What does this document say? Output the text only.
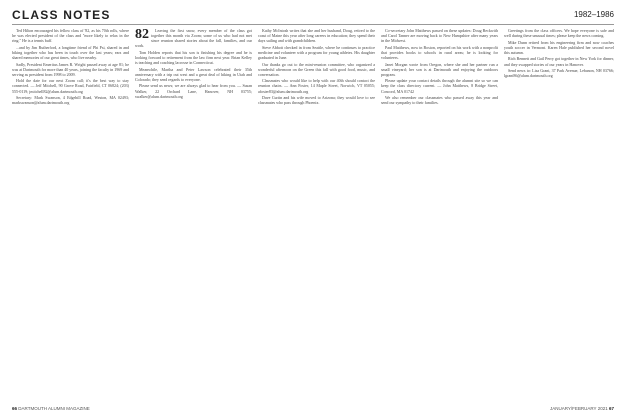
CLASS NOTES	1982–1986

Ted Hilton encouraged his fellow class of '82, as his 70th rolls, where he was elected president of the class and "more likely to relax in the ring." He is a tennis buff.

...and by Jim Rutherford, a longtime friend of Phi Psi, shared in and biking together who has been in touch over the last years; ears and shared memories of our great times, who live nearby.

Sadly, President Emeritus James R. Wright passed away at age 81; he was at Dartmouth for more than 40 years, joining the faculty in 1969 and serving as president from 1998 to 2009.

Hold the date for our next Zoom call; it's the best way to stay connected. — Jeff Mitchell, 90 Grove Road, Fairfield, CT 06824; (203) 555-0119; jmitchell82@alum.dartmouth.org

Secretary: Mark Swanson, 4 Edgehill Road, Weston, MA 02493; markswanson@alum.dartmouth.org

82	Leaving the first snow, every member of the class got together this month via Zoom; some of us who had not met since reunion shared stories about the fall, families, and our work.

Tom Holden reports that his son is finishing his degree and he is looking forward to retirement from the law firm next year. Brian Kelley is teaching and coaching lacrosse in Connecticut.

Meanwhile, Martha and Peter Lawson celebrated their 35th anniversary with a trip out west and a great deal of hiking in Utah and Colorado; they send regards to everyone.

Please send us news; we are always glad to hear from you. — Susan Walker, 22 Orchard Lane, Hanover, NH 03755; swalker@alum.dartmouth.org

Kathy McIntosh writes that she and her husband, Doug, retired to the coast of Maine this year after long careers in education; they spend their days sailing and with grandchildren.

Steve Abbott checked in from Seattle, where he continues to practice medicine and volunteer with a program for young athletes. His daughter graduated in June.

Our thanks go out to the mini-reunion committee, who organized a wonderful afternoon on the Green this fall with good food, music, and conversation.

Classmates who would like to help with our 40th should contact the reunion chairs. — Ann Foster, 14 Maple Street, Norwich, VT 05055; afoster83@alum.dartmouth.org

Dave Curtin and his wife moved to Arizona; they would love to see classmates who pass through Phoenix.

Co-secretary John Matthews passed on these updates: Doug Beckwith and Carol Tanner are moving back to New Hampshire after many years in the Midwest.

Paul Matthews, now in Boston, reported on his work with a nonprofit that provides books to schools in rural areas; he is looking for volunteers.

Janet Morgan wrote from Oregon, where she and her partner run a small vineyard; her son is at Dartmouth and enjoying the outdoors program.

Please update your contact details through the alumni site so we can keep the class directory current. — John Matthews, 8 Bridge Street, Concord, MA 01742

We also remember our classmates who passed away this year and send our sympathy to their families.

Greetings from the class officers. We hope everyone is safe and well during these unusual times; please keep the news coming.

Mike Dunn retired from his engineering firm and now coaches youth soccer in Vermont. Karen Hale published her second novel this autumn.

Rich Bennett and Gail Perry got together in New York for dinner, and they swapped stories of our years in Hanover.

Send news to: Lisa Grant, 37 Park Avenue, Lebanon, NH 03766; lgrant86@alum.dartmouth.org

66 DARTMOUTH ALUMNI MAGAZINE	JANUARY/FEBRUARY 2021 67
